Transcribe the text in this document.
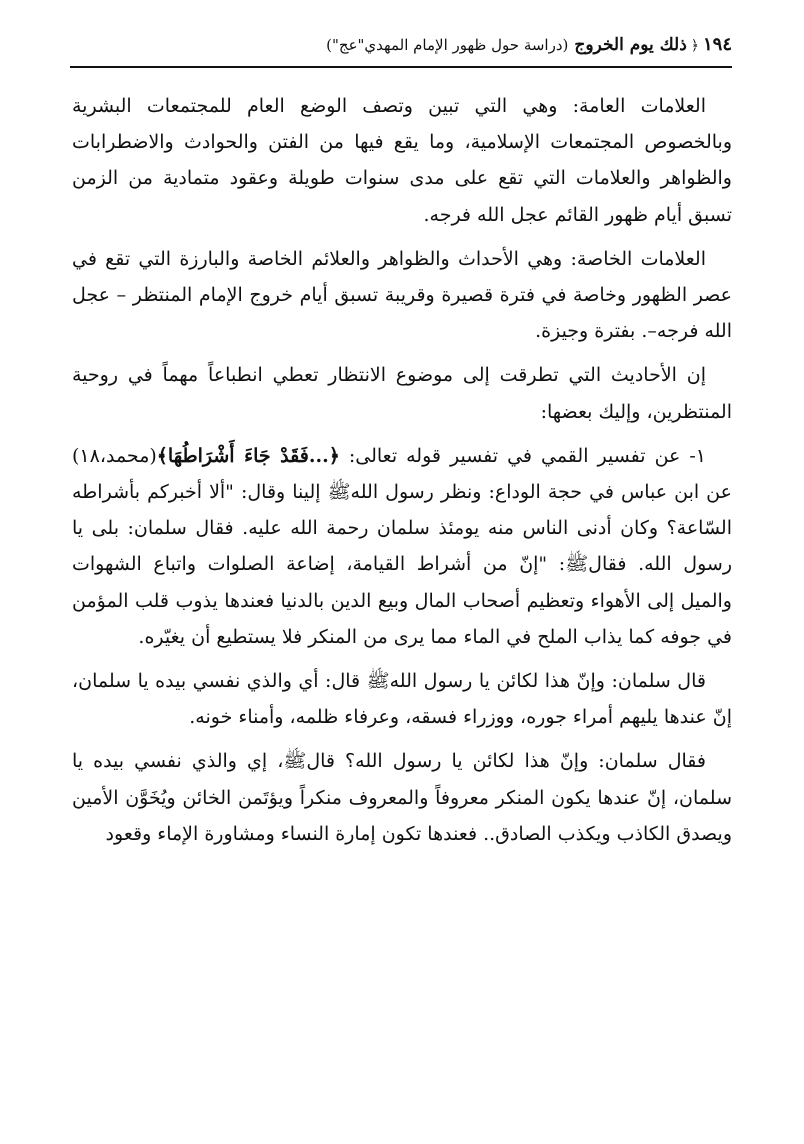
١٩٤
﴿
ذلك يوم الخروج
(دراسة حول ظهور الإمام المهدي"عج")

العلامات العامة: وهي التي تبين وتصف الوضع العام للمجتمعات البشرية وبالخصوص المجتمعات الإسلامية، وما يقع فيها من الفتن والحوادث والاضطرابات والظواهر والعلامات التي تقع على مدى سنوات طويلة وعقود متمادية من الزمن تسبق أيام ظهور القائم عجل الله فرجه.

العلامات الخاصة: وهي الأحداث والظواهر والعلائم الخاصة والبارزة التي تقع في عصر الظهور وخاصة في فترة قصيرة وقريبة تسبق أيام خروج الإمام المنتظر – عجل الله فرجه–. بفترة وجيزة.

إن الأحاديث التي تطرقت إلى موضوع الانتظار تعطي انطباعاً مهماً في روحية المنتظرين، وإليك بعضها:

١- عن تفسير القمي في تفسير قوله تعالى: ﴿...فَقَدْ جَاءَ أَشْرَاطُهَا﴾(محمد،١٨) عن ابن عباس في حجة الوداع: ونظر رسول اللهﷺ إلينا وقال: "ألا أخبركم بأشراطه السّاعة؟ وكان أدنى الناس منه يومئذ سلمان رحمة الله عليه. فقال سلمان: بلى يا رسول الله. فقالﷺ: "إنّ من أشراط القيامة، إضاعة الصلوات واتباع الشهوات والميل إلى الأهواء وتعظيم أصحاب المال وبيع الدين بالدنيا فعندها يذوب قلب المؤمن في جوفه كما يذاب الملح في الماء مما يرى من المنكر فلا يستطيع أن يغيّره.

قال سلمان: وإنّ هذا لكائن يا رسول اللهﷺ قال: أي والذي نفسي بيده يا سلمان، إنّ عندها يليهم أمراء جوره، ووزراء فسقه، وعرفاء ظلمه، وأمناء خونه.

فقال سلمان: وإنّ هذا لكائن يا رسول الله؟ قالﷺ، إي والذي نفسي بيده يا سلمان، إنّ عندها يكون المنكر معروفاً والمعروف منكراً ويؤتَمن الخائن ويُخَوَّن الأمين ويصدق الكاذب ويكذب الصادق.. فعندها تكون إمارة النساء ومشاورة الإماء وقعود
